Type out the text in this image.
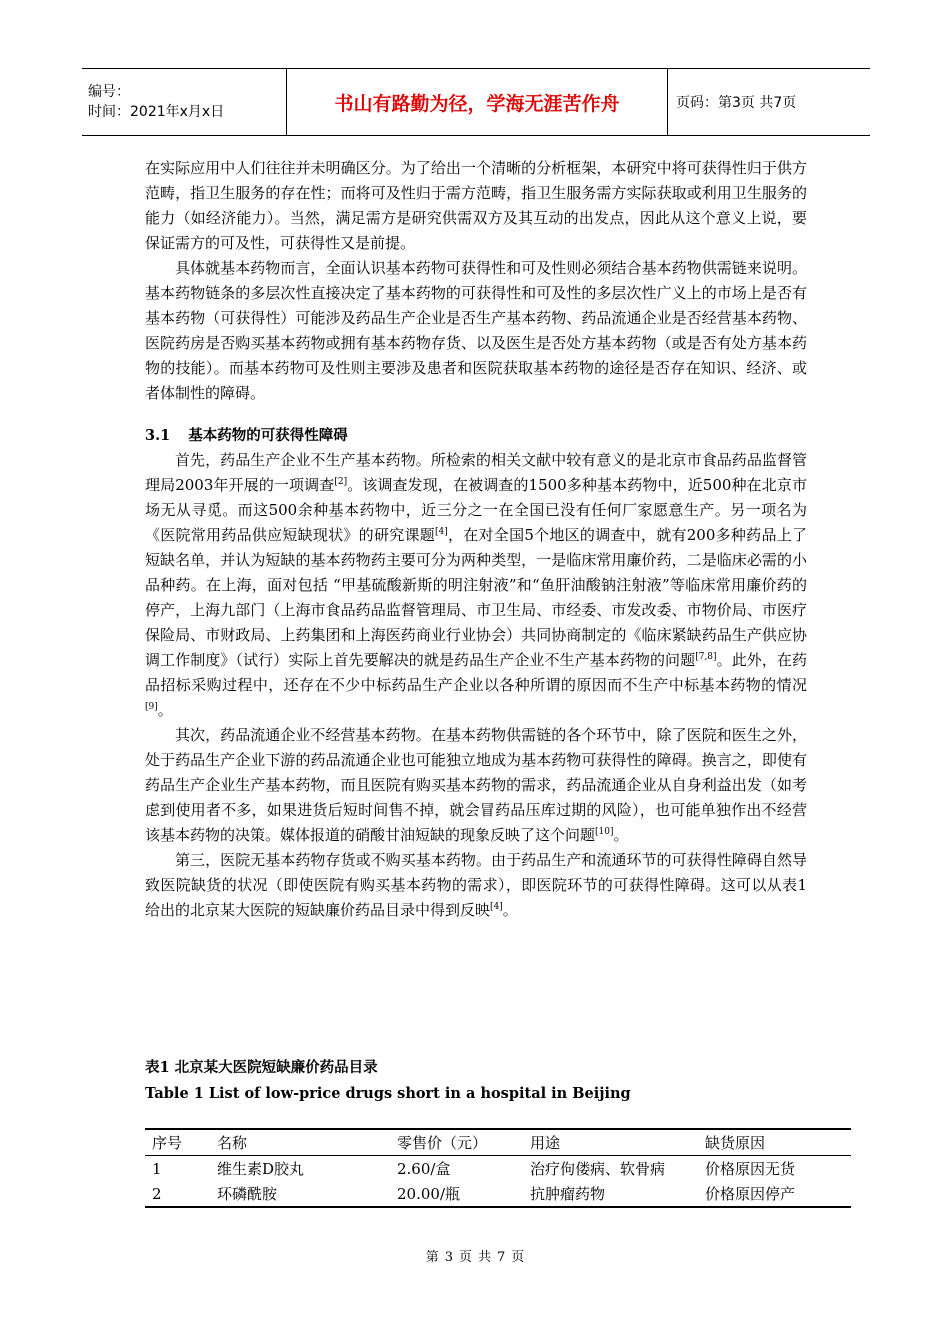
编号：
时间：2021年x月x日	书山有路勤为径，学海无涯苦作舟	页码：第3页 共7页

在实际应用中人们往往并未明确区分。为了给出一个清晰的分析框架，本研究中将可获得性归于供方范畴，指卫生服务的存在性；而将可及性归于需方范畴，指卫生服务需方实际获取或利用卫生服务的能力（如经济能力）。当然，满足需方是研究供需双方及其互动的出发点，因此从这个意义上说，要保证需方的可及性，可获得性又是前提。

具体就基本药物而言，全面认识基本药物可获得性和可及性则必须结合基本药物供需链来说明。基本药物链条的多层次性直接决定了基本药物的可获得性和可及性的多层次性广义上的市场上是否有基本药物（可获得性）可能涉及药品生产企业是否生产基本药物、药品流通企业是否经营基本药物、医院药房是否购买基本药物或拥有基本药物存货、以及医生是否处方基本药物（或是否有处方基本药物的技能）。而基本药物可及性则主要涉及患者和医院获取基本药物的途径是否存在知识、经济、或者体制性的障碍。

3.1 基本药物的可获得性障碍

首先，药品生产企业不生产基本药物。所检索的相关文献中较有意义的是北京市食品药品监督管理局2003年开展的一项调查[2]。该调查发现，在被调查的1500多种基本药物中，近500种在北京市场无从寻觅。而这500余种基本药物中，近三分之一在全国已没有任何厂家愿意生产。另一项名为《医院常用药品供应短缺现状》的研究课题[4]，在对全国5个地区的调查中，就有200多种药品上了短缺名单，并认为短缺的基本药物药主要可分为两种类型，一是临床常用廉价药，二是临床必需的小品种药。在上海，面对包括 “甲基硫酸新斯的明注射液”和“鱼肝油酸钠注射液”等临床常用廉价药的停产，上海九部门（上海市食品药品监督管理局、市卫生局、市经委、市发改委、市物价局、市医疗保险局、市财政局、上药集团和上海医药商业行业协会）共同协商制定的《临床紧缺药品生产供应协调工作制度》（试行）实际上首先要解决的就是药品生产企业不生产基本药物的问题[7,8]。此外，在药品招标采购过程中，还存在不少中标药品生产企业以各种所谓的原因而不生产中标基本药物的情况[9]。

其次，药品流通企业不经营基本药物。在基本药物供需链的各个环节中，除了医院和医生之外，处于药品生产企业下游的药品流通企业也可能独立地成为基本药物可获得性的障碍。换言之，即使有药品生产企业生产基本药物，而且医院有购买基本药物的需求，药品流通企业从自身利益出发（如考虑到使用者不多，如果进货后短时间售不掉，就会冒药品压库过期的风险），也可能单独作出不经营该基本药物的决策。媒体报道的硝酸甘油短缺的现象反映了这个问题[10]。

第三，医院无基本药物存货或不购买基本药物。由于药品生产和流通环节的可获得性障碍自然导致医院缺货的状况（即使医院有购买基本药物的需求），即医院环节的可获得性障碍。这可以从表1给出的北京某大医院的短缺廉价药品目录中得到反映[4]。

表1 北京某大医院短缺廉价药品目录
Table 1 List of low-price drugs short in a hospital in Beijing
序号	名称	零售价（元）	用途	缺货原因
1	维生素D胶丸	2.60/盒	治疗佝偻病、软骨病	价格原因无货
2	环磷酰胺	20.00/瓶	抗肿瘤药物	价格原因停产
第 3 页 共 7 页
